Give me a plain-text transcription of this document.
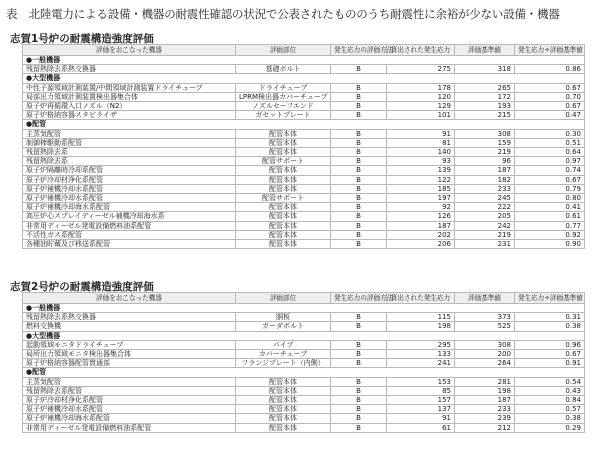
表　北陸電力による設備・機器の耐震性確認の状況で公表されたもののうち耐震性に余裕が少ない設備・機器
志賀1号炉の耐震構造強度評価
評価をおこなった機器	評価部位	発生応力の評価方法	算出された発生応力	評価基準値	発生応力÷評価基準値
●一般機器					
残留熱除去系熱交換器	基礎ボルト	B	275	318	0.86
●大型機器					
中性子源領域計測装置/中間領域計測装置ドライチューブ	ドライチューブ	B	178	265	0.67
局部出力領域計測装置検出器集合体	LPRM検出器カバーチューブ	B	120	172	0.70
原子炉再循環入口ノズル（N2）	ノズルセーフエンド	B	129	193	0.67
原子炉格納容器スタビライザ	ガセットプレート	B	101	215	0.47
●配管					
主蒸気配管	配管本体	B	91	308	0.30
制御棒駆動系配管	配管本体	B	81	159	0.51
残留熱除去系	配管本体	B	140	219	0.64
残留熱除去系	配管サポート	B	93	96	0.97
原子炉隔離時冷却系配管	配管本体	B	139	187	0.74
原子炉冷却材浄化系配管	配管本体	B	122	182	0.67
原子炉補機冷却水系配管	配管本体	B	185	233	0.79
原子炉補機冷却水系配管	配管サポート	B	197	245	0.80
原子炉補機冷却海水系配管	配管本体	B	92	222	0.41
高圧炉心スプレイディーゼル補機冷却海水系	配管本体	B	126	205	0.61
非常用ディーゼル発電設備燃料油系配管	配管本体	B	187	242	0.77
不活性ガス系配管	配管本体	B	202	219	0.92
各種油貯蔵及び移送系配管	配管本体	B	206	231	0.90
志賀2号炉の耐震構造強度評価
評価をおこなった機器	評価部位	発生応力の評価方法	算出された発生応力	評価基準値	発生応力÷評価基準値
●一般機器					
残留熱除去系熱交換器	胴板	B	115	373	0.31
燃料交換機	ガーダボルト	B	198	525	0.38
●大型機器					
起動領域モニタドライチューブ	パイプ	B	295	308	0.96
局所出力領域モニタ検出器集合体	カバーチューブ	B	133	200	0.67
原子炉格納容器配管貫通部	フランジプレート（内側）	B	241	264	0.91
●配管					
主蒸気配管	配管本体	B	153	281	0.54
残留熱除去系配管	配管本体	B	85	198	0.43
原子炉冷却材浄化系配管	配管本体	B	157	187	0.84
原子炉補機冷却水系配管	配管本体	B	137	233	0.57
原子炉補機冷却海水系配管	配管本体	B	91	239	0.38
非常用ディーゼル発電設備燃料油系配管	配管本体	B	61	212	0.29
